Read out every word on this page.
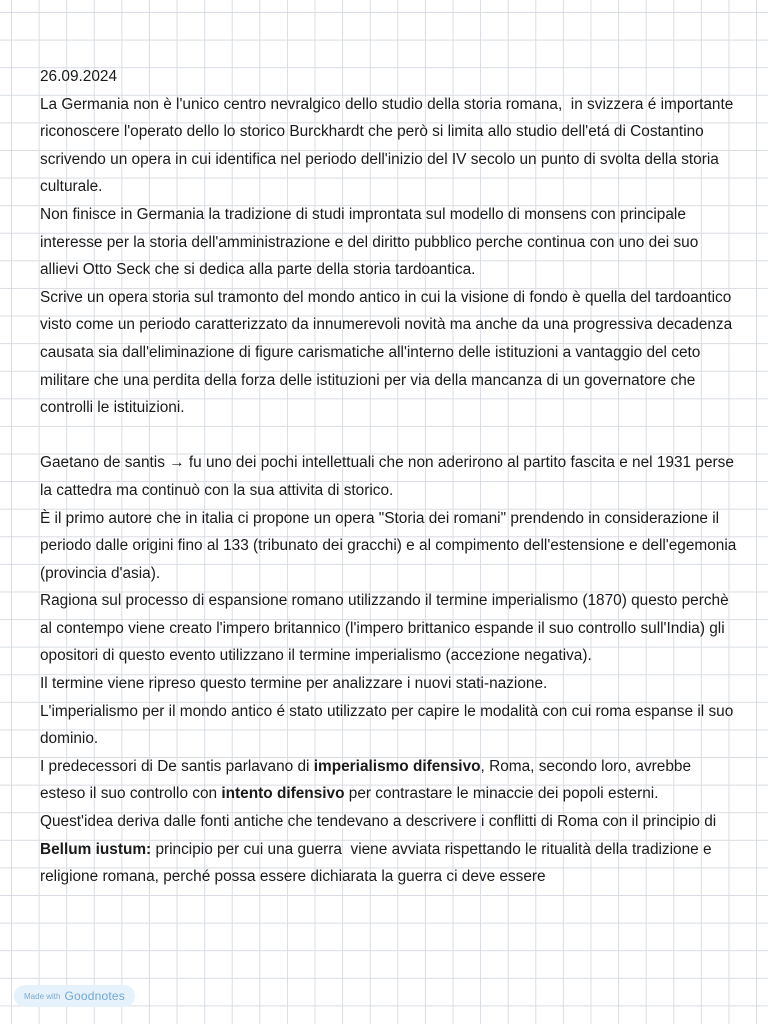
26.09.2024

La Germania non è l'unico centro nevralgico dello studio della storia romana,  in svizzera é importante riconoscere l'operato dello lo storico Burckhardt che però si limita allo studio dell'etá di Costantino scrivendo un opera in cui identifica nel periodo dell'inizio del IV secolo un punto di svolta della storia culturale.

Non finisce in Germania la tradizione di studi improntata sul modello di monsens con principale interesse per la storia dell'amministrazione e del diritto pubblico perche continua con uno dei suo allievi Otto Seck che si dedica alla parte della storia tardoantica.

Scrive un opera storia sul tramonto del mondo antico in cui la visione di fondo è quella del tardoantico visto come un periodo caratterizzato da innumerevoli novità ma anche da una progressiva decadenza causata sia dall'eliminazione di figure carismatiche all'interno delle istituzioni a vantaggio del ceto militare che una perdita della forza delle istituzioni per via della mancanza di un governatore che controlli le istituizioni.

Gaetano de santis → fu uno dei pochi intellettuali che non aderirono al partito fascita e nel 1931 perse la cattedra ma continuò con la sua attivita di storico.

È il primo autore che in italia ci propone un opera "Storia dei romani" prendendo in considerazione il periodo dalle origini fino al 133 (tribunato dei gracchi) e al compimento dell'estensione e dell'egemonia (provincia d'asia).

Ragiona sul processo di espansione romano utilizzando il termine imperialismo (1870) questo perchè al contempo viene creato l'impero britannico (l'impero brittanico espande il suo controllo sull'India) gli opositori di questo evento utilizzano il termine imperialismo (accezione negativa).

Il termine viene ripreso questo termine per analizzare i nuovi stati-nazione.

L'imperialismo per il mondo antico é stato utilizzato per capire le modalità con cui roma espanse il suo dominio.

I predecessori di De santis parlavano di imperialismo difensivo, Roma, secondo loro, avrebbe esteso il suo controllo con intento difensivo per contrastare le minaccie dei popoli esterni.

Quest'idea deriva dalle fonti antiche che tendevano a descrivere i conflitti di Roma con il principio di Bellum iustum: principio per cui una guerra  viene avviata rispettando le ritualità della tradizione e religione romana, perché possa essere dichiarata la guerra ci deve essere

Made with Goodnotes
